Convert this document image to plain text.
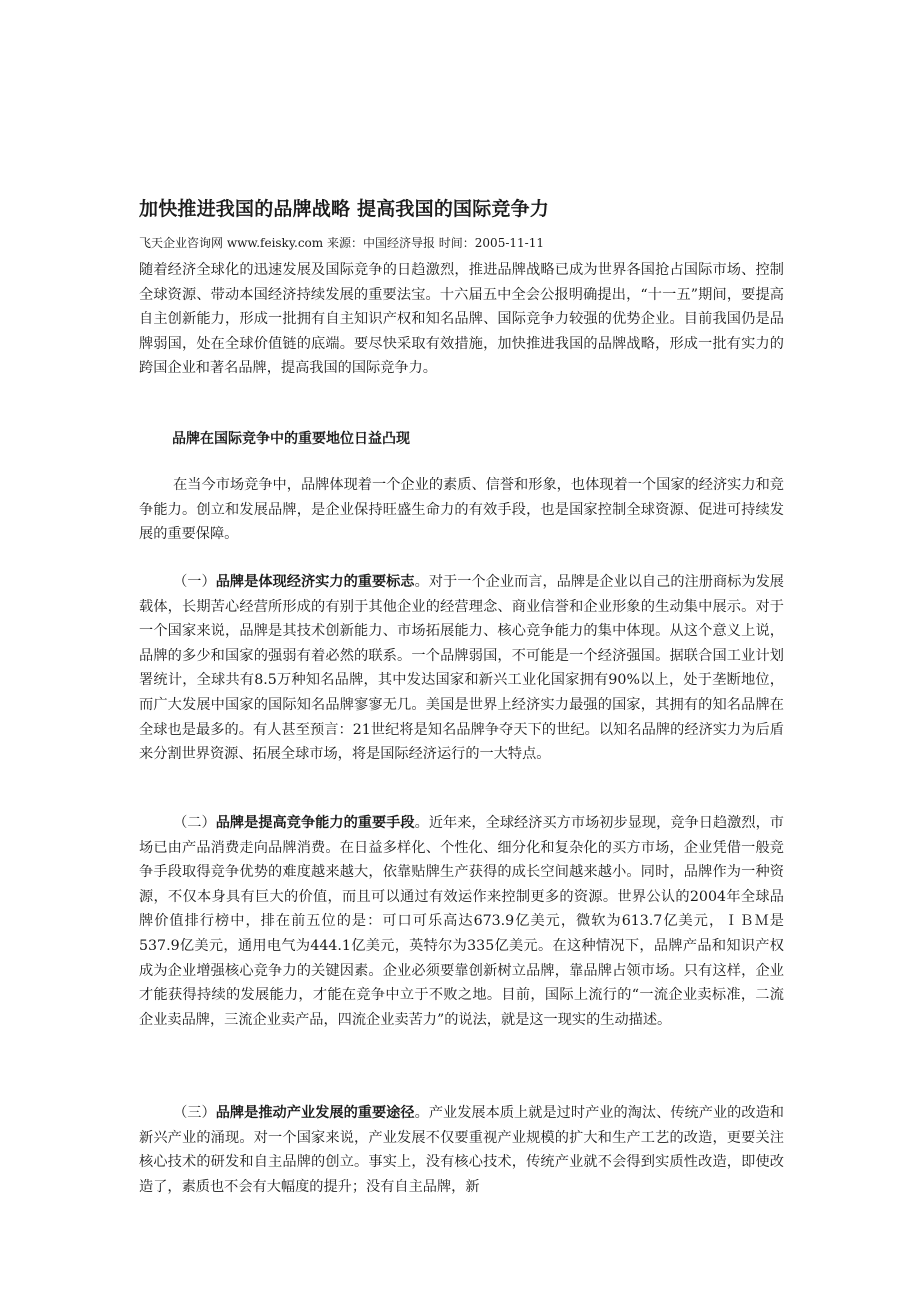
加快推进我国的品牌战略 提高我国的国际竞争力
飞天企业咨询网 www.feisky.com 来源：中国经济导报 时间：2005-11-11

随着经济全球化的迅速发展及国际竞争的日趋激烈，推进品牌战略已成为世界各国抢占国际市场、控制全球资源、带动本国经济持续发展的重要法宝。十六届五中全会公报明确提出，“十一五”期间，要提高自主创新能力，形成一批拥有自主知识产权和知名品牌、国际竞争力较强的优势企业。目前我国仍是品牌弱国，处在全球价值链的底端。要尽快采取有效措施，加快推进我国的品牌战略，形成一批有实力的跨国企业和著名品牌，提高我国的国际竞争力。

品牌在国际竞争中的重要地位日益凸现

在当今市场竞争中，品牌体现着一个企业的素质、信誉和形象，也体现着一个国家的经济实力和竞争能力。创立和发展品牌，是企业保持旺盛生命力的有效手段，也是国家控制全球资源、促进可持续发展的重要保障。

（一）品牌是体现经济实力的重要标志。对于一个企业而言，品牌是企业以自己的注册商标为发展载体，长期苦心经营所形成的有别于其他企业的经营理念、商业信誉和企业形象的生动集中展示。对于一个国家来说，品牌是其技术创新能力、市场拓展能力、核心竞争能力的集中体现。从这个意义上说，品牌的多少和国家的强弱有着必然的联系。一个品牌弱国，不可能是一个经济强国。据联合国工业计划署统计，全球共有8.5万种知名品牌，其中发达国家和新兴工业化国家拥有90%以上，处于垄断地位，而广大发展中国家的国际知名品牌寥寥无几。美国是世界上经济实力最强的国家，其拥有的知名品牌在全球也是最多的。有人甚至预言：21世纪将是知名品牌争夺天下的世纪。以知名品牌的经济实力为后盾来分割世界资源、拓展全球市场，将是国际经济运行的一大特点。

（二）品牌是提高竞争能力的重要手段。近年来，全球经济买方市场初步显现，竞争日趋激烈，市场已由产品消费走向品牌消费。在日益多样化、个性化、细分化和复杂化的买方市场，企业凭借一般竞争手段取得竞争优势的难度越来越大，依靠贴牌生产获得的成长空间越来越小。同时，品牌作为一种资源，不仅本身具有巨大的价值，而且可以通过有效运作来控制更多的资源。世界公认的2004年全球品牌价值排行榜中，排在前五位的是：可口可乐高达673.9亿美元，微软为613.7亿美元，ＩＢＭ是537.9亿美元，通用电气为444.1亿美元，英特尔为335亿美元。在这种情况下，品牌产品和知识产权成为企业增强核心竞争力的关键因素。企业必须要靠创新树立品牌，靠品牌占领市场。只有这样，企业才能获得持续的发展能力，才能在竞争中立于不败之地。目前，国际上流行的“一流企业卖标准，二流企业卖品牌，三流企业卖产品，四流企业卖苦力”的说法，就是这一现实的生动描述。

（三）品牌是推动产业发展的重要途径。产业发展本质上就是过时产业的淘汰、传统产业的改造和新兴产业的涌现。对一个国家来说，产业发展不仅要重视产业规模的扩大和生产工艺的改造，更要关注核心技术的研发和自主品牌的创立。事实上，没有核心技术，传统产业就不会得到实质性改造，即使改造了，素质也不会有大幅度的提升；没有自主品牌，新
